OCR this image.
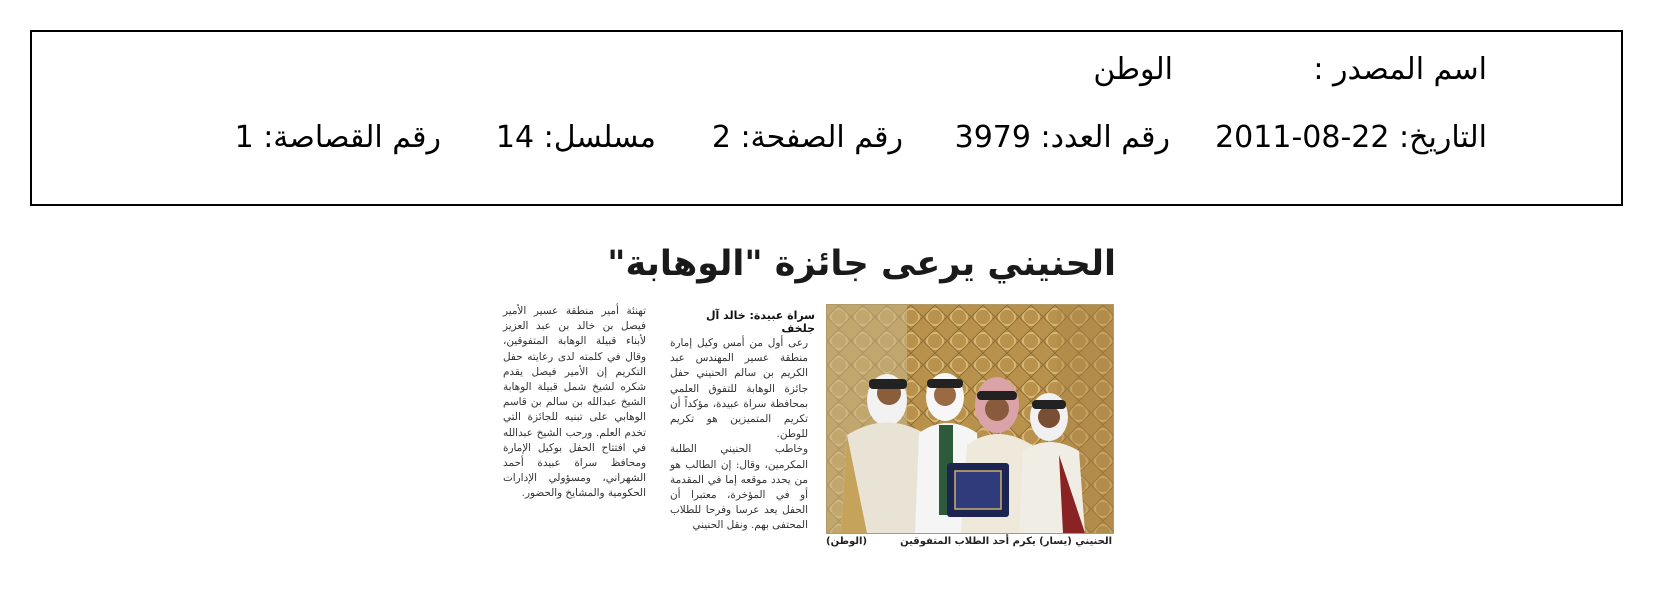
اسم المصدر :
الوطن
التاريخ: 22-08-2011
رقم العدد: 3979
رقم الصفحة: 2
مسلسل: 14
رقم القصاصة: 1
الحنيني يرعى جائزة "الوهابة"
الحنيني (يسار) يكرم أحد الطلاب المتفوقين
(الوطن)
سراة عبيدة: خالد آل جلخف

رعى أول من أمس وكيل إمارة منطقة عسير المهندس عبد الكريم بن سالم الحنيني حفل جائزة الوهابة للتفوق العلمي بمحافظة سراة عبيدة، مؤكداً أن تكريم المتميزين هو تكريم للوطن.

وخاطب الحنيني الطلبة المكرمين، وقال: إن الطالب هو من يحدد موقعه إما في المقدمة أو في المؤخرة، معتبرا أن الحفل يعد عرسا وفرحا للطلاب المحتفى بهم. ونقل الحنيني

تهنئة أمير منطقة عسير الأمير فيصل بن خالد بن عبد العزيز لأبناء قبيلة الوهابة المتفوقين، وقال في كلمته لدى رعايته حفل التكريم إن الأمير فيصل يقدم شكره لشيخ شمل قبيلة الوهابة الشيخ عبدالله بن سالم بن قاسم الوهابي على تبنيه للجائزة التي تخدم العلم. ورحب الشيخ عبدالله في افتتاح الحفل بوكيل الإمارة ومحافظ سراة عبيدة أحمد الشهراني، ومسؤولي الإدارات الحكومية والمشايخ والحضور.
